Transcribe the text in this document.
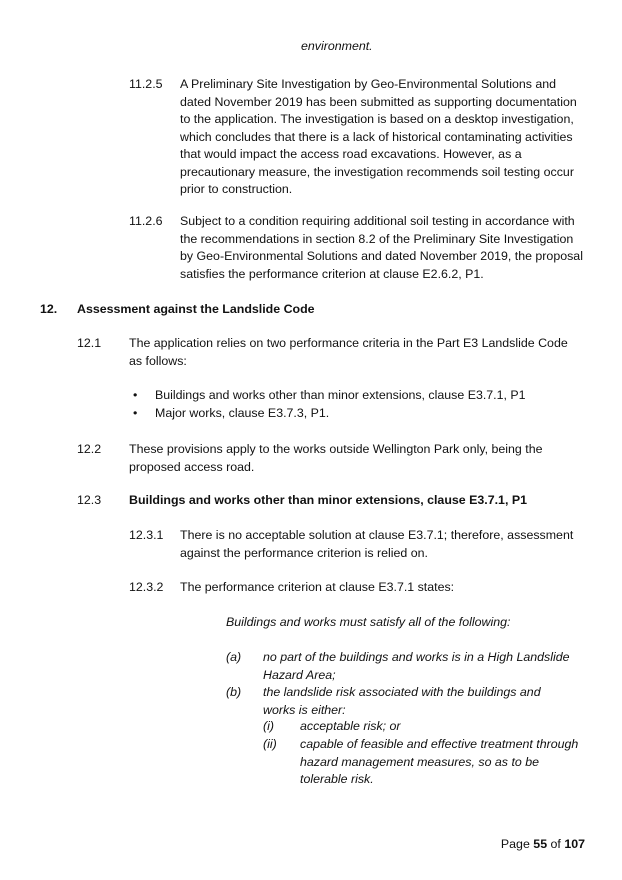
environment.
11.2.5 A Preliminary Site Investigation by Geo-Environmental Solutions and dated November 2019 has been submitted as supporting documentation to the application. The investigation is based on a desktop investigation, which concludes that there is a lack of historical contaminating activities that would impact the access road excavations. However, as a precautionary measure, the investigation recommends soil testing occur prior to construction.
11.2.6 Subject to a condition requiring additional soil testing in accordance with the recommendations in section 8.2 of the Preliminary Site Investigation by Geo-Environmental Solutions and dated November 2019, the proposal satisfies the performance criterion at clause E2.6.2, P1.
12. Assessment against the Landslide Code
12.1 The application relies on two performance criteria in the Part E3 Landslide Code as follows:
• Buildings and works other than minor extensions, clause E3.7.1, P1
• Major works, clause E3.7.3, P1.
12.2 These provisions apply to the works outside Wellington Park only, being the proposed access road.
12.3 Buildings and works other than minor extensions, clause E3.7.1, P1
12.3.1 There is no acceptable solution at clause E3.7.1; therefore, assessment against the performance criterion is relied on.
12.3.2 The performance criterion at clause E3.7.1 states:
Buildings and works must satisfy all of the following:
(a) no part of the buildings and works is in a High Landslide Hazard Area;
(b) the landslide risk associated with the buildings and works is either:
(i) acceptable risk; or
(ii) capable of feasible and effective treatment through hazard management measures, so as to be tolerable risk.
Page 55 of 107
